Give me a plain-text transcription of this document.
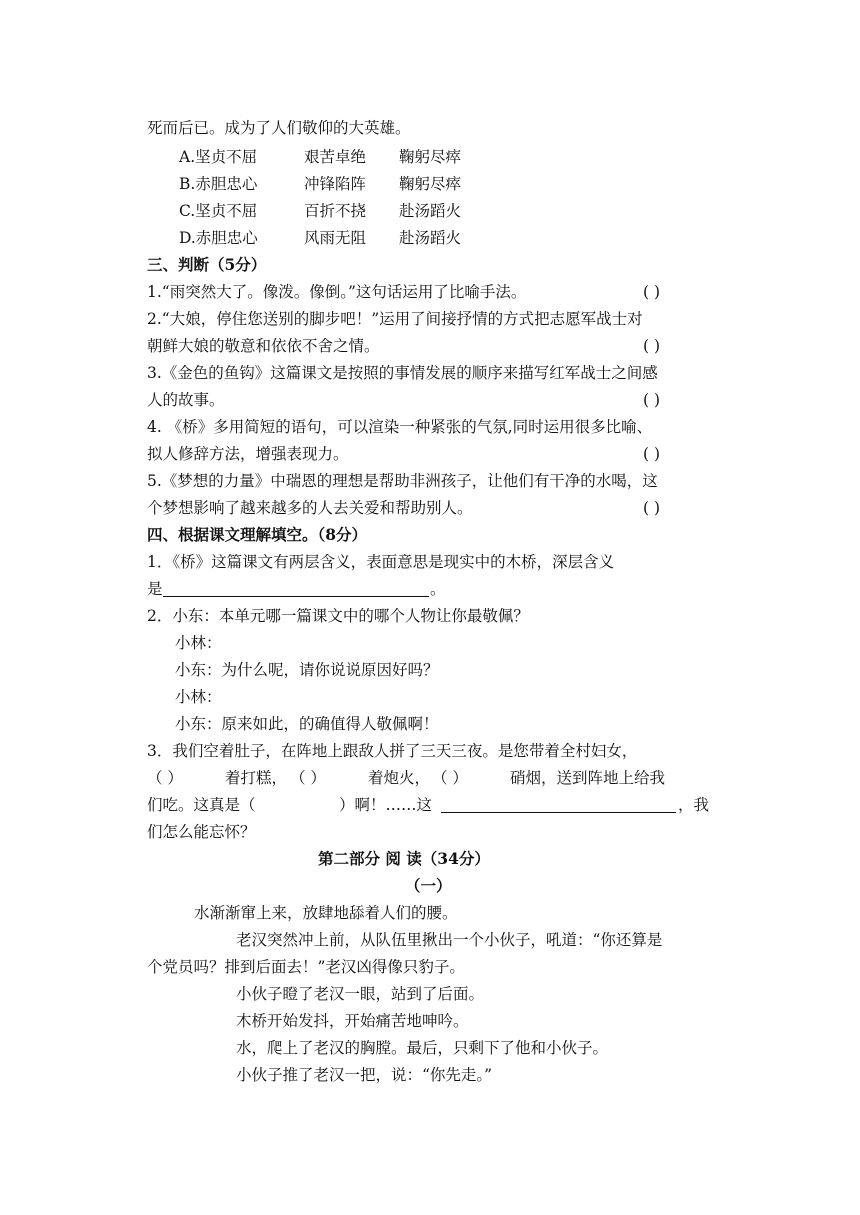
死而后已。成为了人们敬仰的大英雄。
A.坚贞不屈	艰苦卓绝 鞠躬尽瘁
B.赤胆忠心	冲锋陷阵 鞠躬尽瘁
C.坚贞不屈	百折不挠 赴汤蹈火
D.赤胆忠心	风雨无阻 赴汤蹈火
三、判断（5分）
1.“雨突然大了。像泼。像倒。”这句话运用了比喻手法。	( )
2.“大娘，停住您送别的脚步吧！”运用了间接抒情的方式把志愿军战士对
朝鲜大娘的敬意和依依不舍之情。	( )
3.《金色的鱼钩》这篇课文是按照的事情发展的顺序来描写红军战士之间感
人的故事。	( )
4. 《桥》多用简短的语句，可以渲染一种紧张的气氛,同时运用很多比喻、
拟人修辞方法，增强表现力。	( )
5.《梦想的力量》中瑞恩的理想是帮助非洲孩子，让他们有干净的水喝，这
个梦想影响了越来越多的人去关爱和帮助别人。	( )
四、根据课文理解填空。（8分）
1．《桥》这篇课文有两层含义，表面意思是现实中的木桥，深层含义
是	。
2．小东：本单元哪一篇课文中的哪个人物让你最敬佩？
小林：
小东：为什么呢，请你说说原因好吗？
小林：
小东：原来如此，的确值得人敬佩啊！
3．我们空着肚子，在阵地上跟敌人拼了三天三夜。是您带着全村妇女，
（ ）	着打糕， （ ）	着炮火， （ ）	硝烟，送到阵地上给我
们吃。这真是（	）啊！……这	，我
们怎么能忘怀？
第二部分 阅 读（34分）
（一）
水渐渐窜上来，放肆地舔着人们的腰。
老汉突然冲上前，从队伍里揪出一个小伙子，吼道：“你还算是
个党员吗？排到后面去！”老汉凶得像只豹子。
小伙子瞪了老汉一眼，站到了后面。
木桥开始发抖，开始痛苦地呻吟。
水，爬上了老汉的胸膛。最后，只剩下了他和小伙子。
小伙子推了老汉一把，说：“你先走。”
